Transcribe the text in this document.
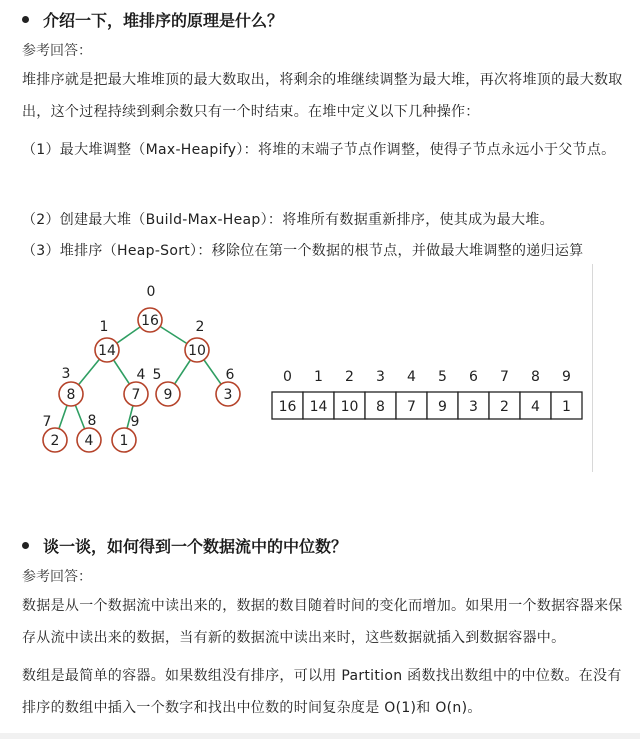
介绍一下，堆排序的原理是什么？
参考回答：
堆排序就是把最大堆堆顶的最大数取出，将剩余的堆继续调整为最大堆，再次将堆顶的最大数取出，这个过程持续到剩余数只有一个时结束。在堆中定义以下几种操作：
（1）最大堆调整（Max-Heapify）：将堆的末端子节点作调整，使得子节点永远小于父节点。
（2）创建最大堆（Build-Max-Heap）：将堆所有数据重新排序，使其成为最大堆。
（3）堆排序（Heap-Sort）：移除位在第一个数据的根节点，并做最大堆调整的递归运算
16
0
14
1
10
2
8
3
7
4
9
5
3
6
2
7
4
8
1
9
0
16
1
14
2
10
3
8
4
7
5
9
6
3
7
2
8
4
9
1
谈一谈，如何得到一个数据流中的中位数？
参考回答：
数据是从一个数据流中读出来的，数据的数目随着时间的变化而增加。如果用一个数据容器来保存从流中读出来的数据，当有新的数据流中读出来时，这些数据就插入到数据容器中。
数组是最简单的容器。如果数组没有排序，可以用 Partition 函数找出数组中的中位数。在没有排序的数组中插入一个数字和找出中位数的时间复杂度是 O(1)和 O(n)。
